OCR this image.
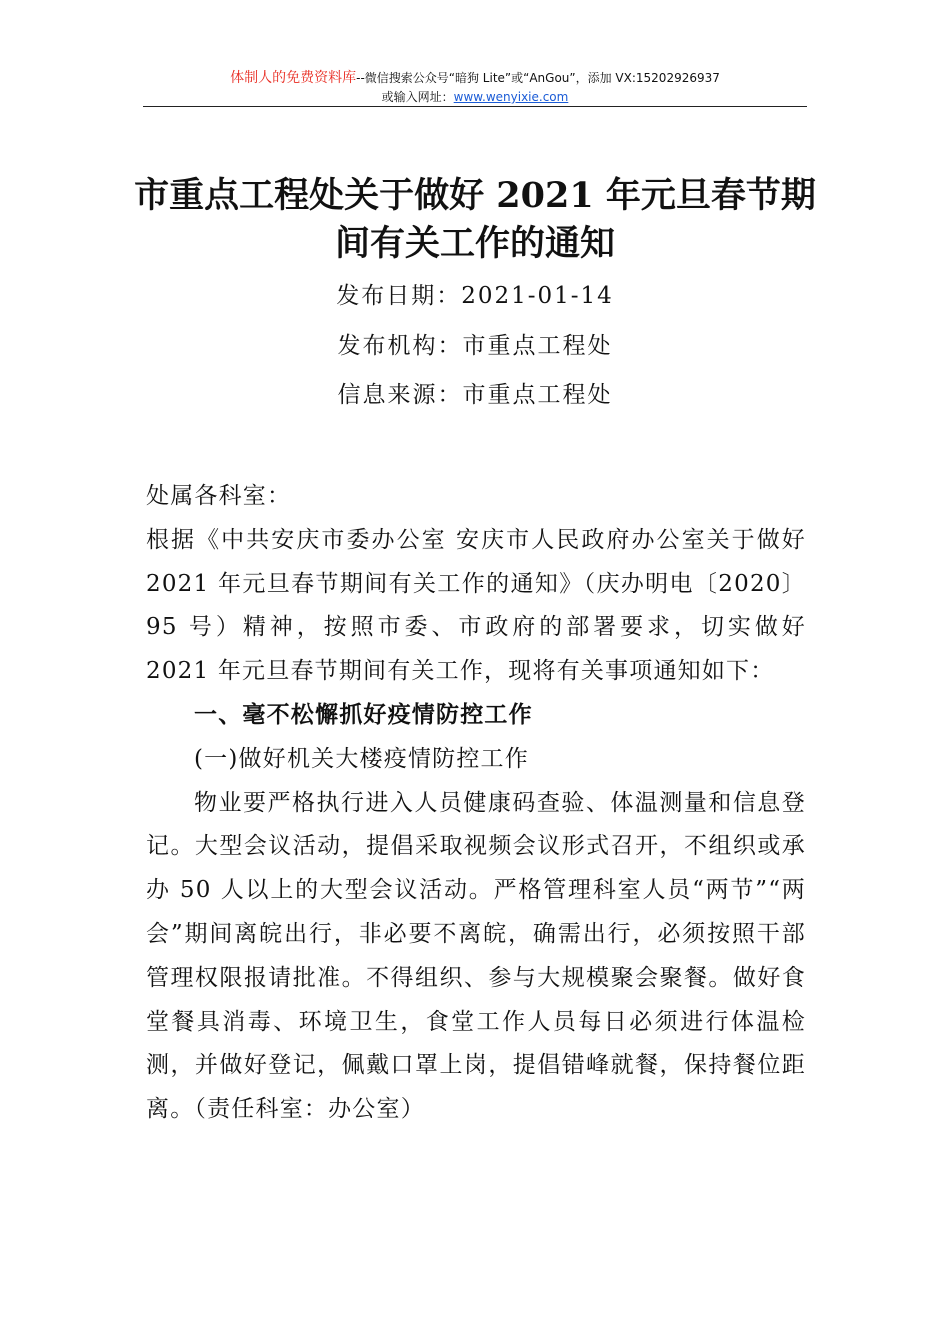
体制人的免费资料库--微信搜索公众号“暗狗 Lite”或“AnGou”，添加 VX:15202926937
或输入网址：www.wenyixie.com
市重点工程处关于做好 2021 年元旦春节期间有关工作的通知
发布日期：2021-01-14
发布机构：市重点工程处
信息来源：市重点工程处

处属各科室：

根据《中共安庆市委办公室 安庆市人民政府办公室关于做好 2021 年元旦春节期间有关工作的通知》（庆办明电〔2020〕95 号）精神，按照市委、市政府的部署要求，切实做好 2021 年元旦春节期间有关工作，现将有关事项通知如下：

一、毫不松懈抓好疫情防控工作

(一)做好机关大楼疫情防控工作

物业要严格执行进入人员健康码查验、体温测量和信息登记。大型会议活动，提倡采取视频会议形式召开，不组织或承办 50 人以上的大型会议活动。严格管理科室人员“两节”“两会”期间离皖出行，非必要不离皖，确需出行，必须按照干部管理权限报请批准。不得组织、参与大规模聚会聚餐。做好食堂餐具消毒、环境卫生，食堂工作人员每日必须进行体温检测，并做好登记，佩戴口罩上岗，提倡错峰就餐，保持餐位距离。（责任科室：办公室）
